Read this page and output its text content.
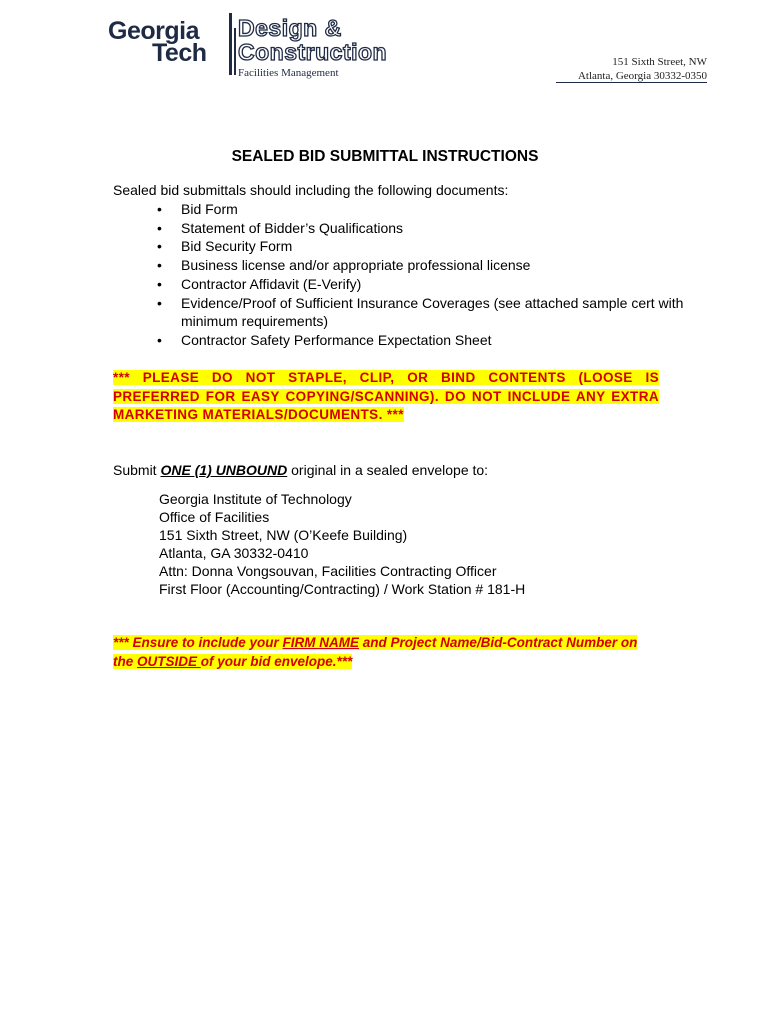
Georgia
Tech
Design &
Construction
Facilities Management
151 Sixth Street, NW
Atlanta, Georgia 30332-0350
SEALED BID SUBMITTAL INSTRUCTIONS
Sealed bid submittals should including the following documents:
• Bid Form
• Statement of Bidder’s Qualifications
• Bid Security Form
• Business license and/or appropriate professional license
• Contractor Affidavit (E-Verify)
• Evidence/Proof of Sufficient Insurance Coverages (see attached sample cert with minimum requirements)
• Contractor Safety Performance Expectation Sheet
*** PLEASE DO NOT STAPLE, CLIP, OR BIND CONTENTS (LOOSE IS PREFERRED FOR EASY COPYING/SCANNING). DO NOT INCLUDE ANY EXTRA MARKETING MATERIALS/DOCUMENTS. ***
Submit ONE (1) UNBOUND original in a sealed envelope to:
Georgia Institute of Technology
Office of Facilities
151 Sixth Street, NW (O’Keefe Building)
Atlanta, GA 30332-0410
Attn: Donna Vongsouvan, Facilities Contracting Officer
First Floor (Accounting/Contracting) / Work Station # 181-H
*** Ensure to include your FIRM NAME and Project Name/Bid-Contract Number on the OUTSIDE of your bid envelope.***
